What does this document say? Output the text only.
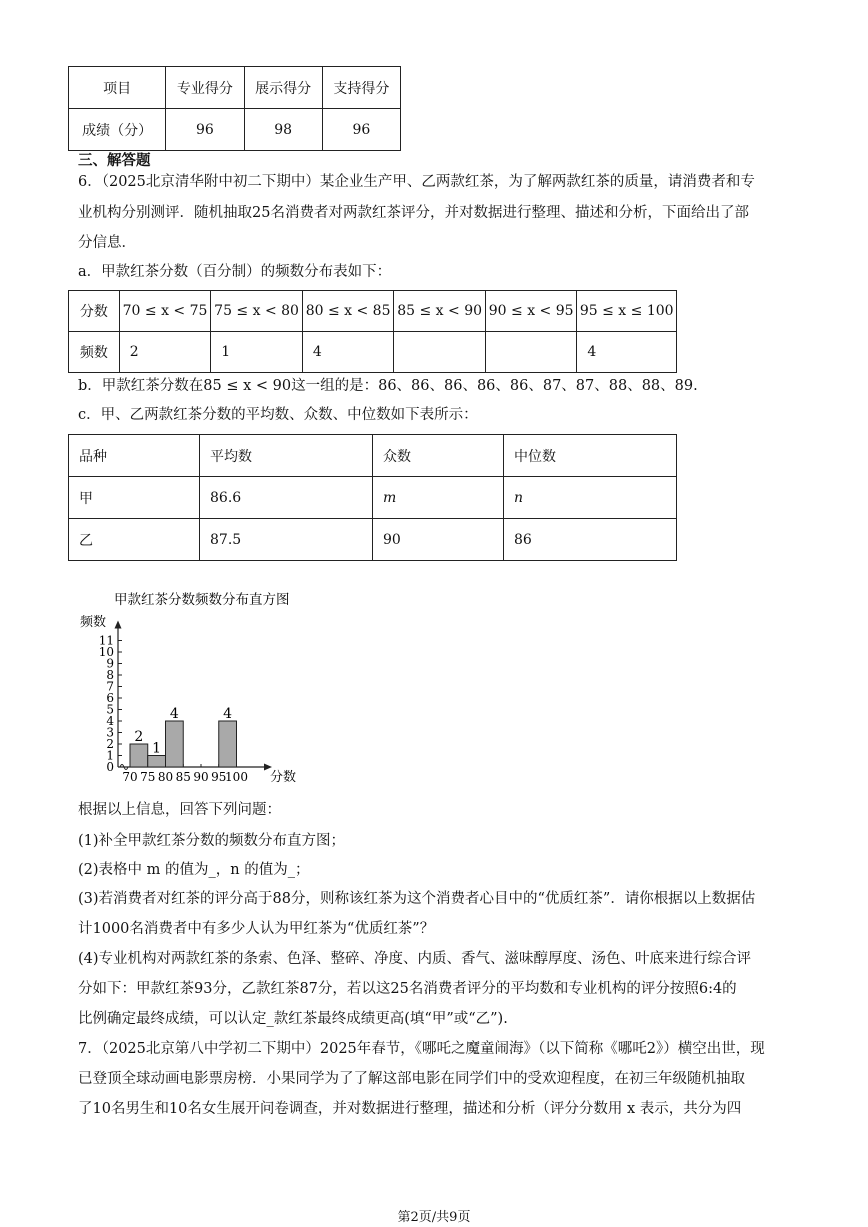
项目	专业得分	展示得分	支持得分
成绩（分）	96	98	96
三、解答题
6．（2025北京清华附中初二下期中）某企业生产甲、乙两款红茶，为了解两款红茶的质量，请消费者和专
业机构分别测评．随机抽取25名消费者对两款红茶评分，并对数据进行整理、描述和分析，下面给出了部
分信息．
a．甲款红茶分数（百分制）的频数分布表如下：
分数	70 ≤ x < 75	75 ≤ x < 80	80 ≤ x < 85	85 ≤ x < 90	90 ≤ x < 95	95 ≤ x ≤ 100
频数	2	1	4			4
b．甲款红茶分数在85 ≤ x < 90这一组的是：86、86、86、86、86、87、87、88、88、89.
c．甲、乙两款红茶分数的平均数、众数、中位数如下表所示：
品种	平均数	众数	中位数
甲	86.6	m	n
乙	87.5	90	86
甲款红茶分数频数分布直方图
频数
分数
0
1
2
3
4
5
6
7
8
9
10
11
70 75 80 85 90 95
100
2
1
4	4
根据以上信息，回答下列问题：
(1)补全甲款红茶分数的频数分布直方图；
(2)表格中 m 的值为_，n 的值为_；
(3)若消费者对红茶的评分高于88分，则称该红茶为这个消费者心目中的“优质红茶”．请你根据以上数据估
计1000名消费者中有多少人认为甲红茶为“优质红茶”？
(4)专业机构对两款红茶的条索、色泽、整碎、净度、内质、香气、滋味醇厚度、汤色、叶底来进行综合评
分如下：甲款红茶93分，乙款红茶87分，若以这25名消费者评分的平均数和专业机构的评分按照6:4的
比例确定最终成绩，可以认定_款红茶最终成绩更高(填“甲”或“乙”).
7．（2025北京第八中学初二下期中）2025年春节，《哪吒之魔童闹海》（以下简称《哪吒2》）横空出世，现
已登顶全球动画电影票房榜．小果同学为了了解这部电影在同学们中的受欢迎程度，在初三年级随机抽取
了10名男生和10名女生展开问卷调查，并对数据进行整理，描述和分析（评分分数用 x 表示，共分为四
第2页/共9页
